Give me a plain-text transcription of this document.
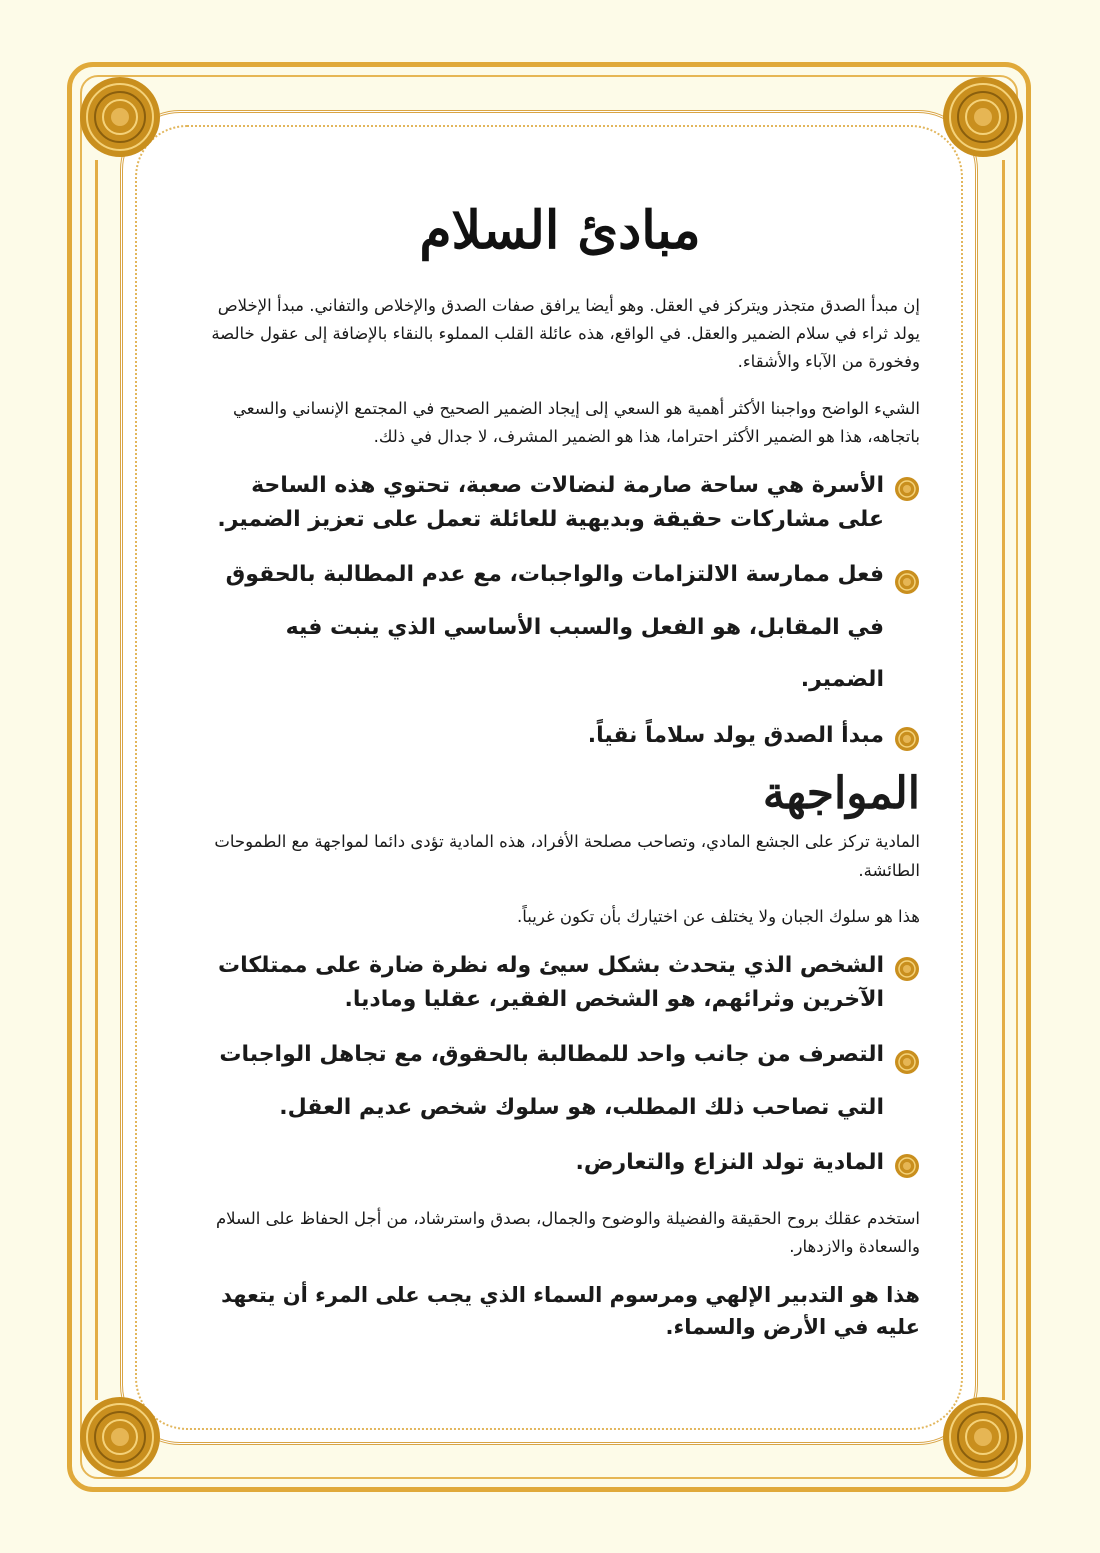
مبادئ السلام

إن مبدأ الصدق متجذر ويتركز في العقل. وهو أيضا يرافق صفات الصدق والإخلاص والتفاني. مبدأ الإخلاص يولد ثراء في سلام الضمير والعقل. في الواقع، هذه عائلة القلب المملوء بالنقاء بالإضافة إلى عقول خالصة وفخورة من الآباء والأشقاء.

الشيء الواضح وواجبنا الأكثر أهمية هو السعي إلى إيجاد الضمير الصحيح في المجتمع الإنساني والسعي باتجاهه، هذا هو الضمير الأكثر احتراما، هذا هو الضمير المشرف، لا جدال في ذلك.

الأسرة هي ساحة صارمة لنضالات صعبة، تحتوي هذه الساحة على مشاركات حقيقة وبديهية للعائلة تعمل على تعزيز الضمير.
فعل ممارسة الالتزامات والواجبات، مع عدم المطالبة بالحقوق في المقابل، هو الفعل والسبب الأساسي الذي ينبت فيه الضمير.
مبدأ الصدق يولد سلاماً نقياً.
المواجهة

المادية تركز على الجشع المادي، وتصاحب مصلحة الأفراد، هذه المادية تؤدى دائما لمواجهة مع الطموحات الطائشة.

هذا هو سلوك الجبان ولا يختلف عن اختيارك بأن تكون غريباً.

الشخص الذي يتحدث بشكل سيئ وله نظرة ضارة على ممتلكات الآخرين وثرائهم، هو الشخص الفقير، عقليا وماديا.
التصرف من جانب واحد للمطالبة بالحقوق، مع تجاهل الواجبات التي تصاحب ذلك المطلب، هو سلوك شخص عديم العقل.
المادية تولد النزاع والتعارض.

استخدم عقلك بروح الحقيقة والفضيلة والوضوح والجمال، بصدق واسترشاد، من أجل الحفاظ على السلام والسعادة والازدهار.

هذا هو التدبير الإلهي ومرسوم السماء الذي يجب على المرء أن يتعهد عليه في الأرض والسماء.
